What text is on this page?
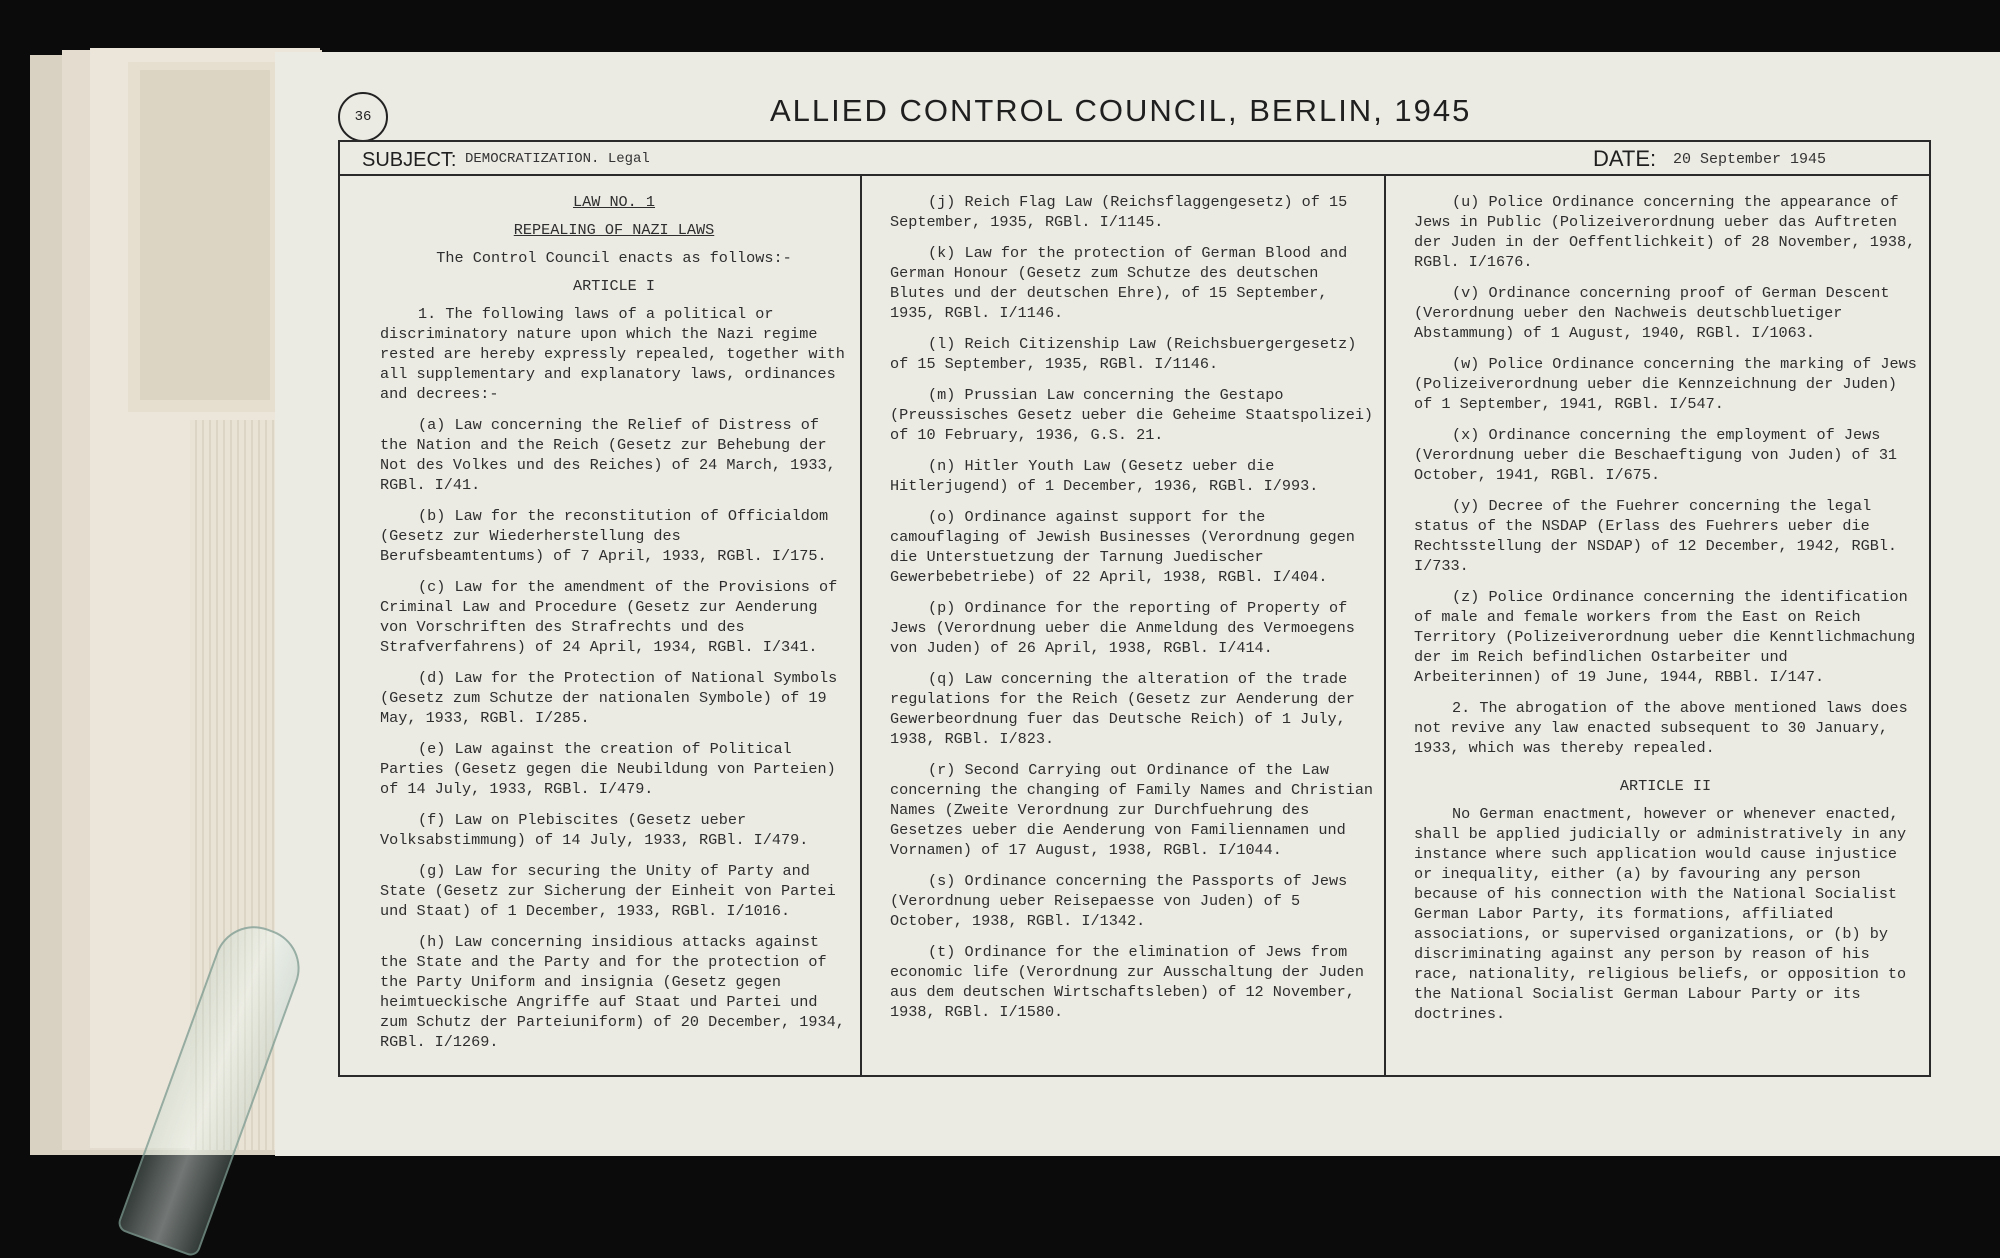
36	ALLIED CONTROL COUNCIL, BERLIN, 1945
SUBJECT: DEMOCRATIZATION. Legal	DATE: 20 September 1945

LAW NO. 1

REPEALING OF NAZI LAWS

The Control Council enacts as follows:-

ARTICLE I

1. The following laws of a political or discriminatory nature upon which the Nazi regime rested are hereby expressly repealed, together with all supplementary and explanatory laws, ordinances and decrees:-

(a) Law concerning the Relief of Distress of the Nation and the Reich (Gesetz zur Behebung der Not des Volkes und des Reiches) of 24 March, 1933, RGBl. I/41.

(b) Law for the reconstitution of Officialdom (Gesetz zur Wiederherstellung des Berufsbeamtentums) of 7 April, 1933, RGBl. I/175.

(c) Law for the amendment of the Provisions of Criminal Law and Procedure (Gesetz zur Aenderung von Vorschriften des Strafrechts und des Strafverfahrens) of 24 April, 1934, RGBl. I/341.

(d) Law for the Protection of National Symbols (Gesetz zum Schutze der nationalen Symbole) of 19 May, 1933, RGBl. I/285.

(e) Law against the creation of Political Parties (Gesetz gegen die Neubildung von Parteien) of 14 July, 1933, RGBl. I/479.

(f) Law on Plebiscites (Gesetz ueber Volksabstimmung) of 14 July, 1933, RGBl. I/479.

(g) Law for securing the Unity of Party and State (Gesetz zur Sicherung der Einheit von Partei und Staat) of 1 December, 1933, RGBl. I/1016.

(h) Law concerning insidious attacks against the State and the Party and for the protection of the Party Uniform and insignia (Gesetz gegen heimtueckische Angriffe auf Staat und Partei und zum Schutz der Parteiuniform) of 20 December, 1934, RGBl. I/1269.

(j) Reich Flag Law (Reichsflaggengesetz) of 15 September, 1935, RGBl. I/1145.

(k) Law for the protection of German Blood and German Honour (Gesetz zum Schutze des deutschen Blutes und der deutschen Ehre), of 15 September, 1935, RGBl. I/1146.

(l) Reich Citizenship Law (Reichsbuergergesetz) of 15 September, 1935, RGBl. I/1146.

(m) Prussian Law concerning the Gestapo (Preussisches Gesetz ueber die Geheime Staatspolizei) of 10 February, 1936, G.S. 21.

(n) Hitler Youth Law (Gesetz ueber die Hitlerjugend) of 1 December, 1936, RGBl. I/993.

(o) Ordinance against support for the camouflaging of Jewish Businesses (Verordnung gegen die Unterstuetzung der Tarnung Juedischer Gewerbebetriebe) of 22 April, 1938, RGBl. I/404.

(p) Ordinance for the reporting of Property of Jews (Verordnung ueber die Anmeldung des Vermoegens von Juden) of 26 April, 1938, RGBl. I/414.

(q) Law concerning the alteration of the trade regulations for the Reich (Gesetz zur Aenderung der Gewerbeordnung fuer das Deutsche Reich) of 1 July, 1938, RGBl. I/823.

(r) Second Carrying out Ordinance of the Law concerning the changing of Family Names and Christian Names (Zweite Verordnung zur Durchfuehrung des Gesetzes ueber die Aenderung von Familiennamen und Vornamen) of 17 August, 1938, RGBl. I/1044.

(s) Ordinance concerning the Passports of Jews (Verordnung ueber Reisepaesse von Juden) of 5 October, 1938, RGBl. I/1342.

(t) Ordinance for the elimination of Jews from economic life (Verordnung zur Ausschaltung der Juden aus dem deutschen Wirtschaftsleben) of 12 November, 1938, RGBl. I/1580.

(u) Police Ordinance concerning the appearance of Jews in Public (Polizeiverordnung ueber das Auftreten der Juden in der Oeffentlichkeit) of 28 November, 1938, RGBl. I/1676.

(v) Ordinance concerning proof of German Descent (Verordnung ueber den Nachweis deutschbluetiger Abstammung) of 1 August, 1940, RGBl. I/1063.

(w) Police Ordinance concerning the marking of Jews (Polizeiverordnung ueber die Kennzeichnung der Juden) of 1 September, 1941, RGBl. I/547.

(x) Ordinance concerning the employment of Jews (Verordnung ueber die Beschaeftigung von Juden) of 31 October, 1941, RGBl. I/675.

(y) Decree of the Fuehrer concerning the legal status of the NSDAP (Erlass des Fuehrers ueber die Rechtsstellung der NSDAP) of 12 December, 1942, RGBl. I/733.

(z) Police Ordinance concerning the identification of male and female workers from the East on Reich Territory (Polizeiverordnung ueber die Kenntlichmachung der im Reich befindlichen Ostarbeiter und Arbeiterinnen) of 19 June, 1944, RBBl. I/147.

2. The abrogation of the above mentioned laws does not revive any law enacted subsequent to 30 January, 1933, which was thereby repealed.

ARTICLE II

No German enactment, however or whenever enacted, shall be applied judicially or administratively in any instance where such application would cause injustice or inequality, either (a) by favouring any person because of his connection with the National Socialist German Labor Party, its formations, affiliated associations, or supervised organizations, or (b) by discriminating against any person by reason of his race, nationality, religious beliefs, or opposition to the National Socialist German Labour Party or its doctrines.
